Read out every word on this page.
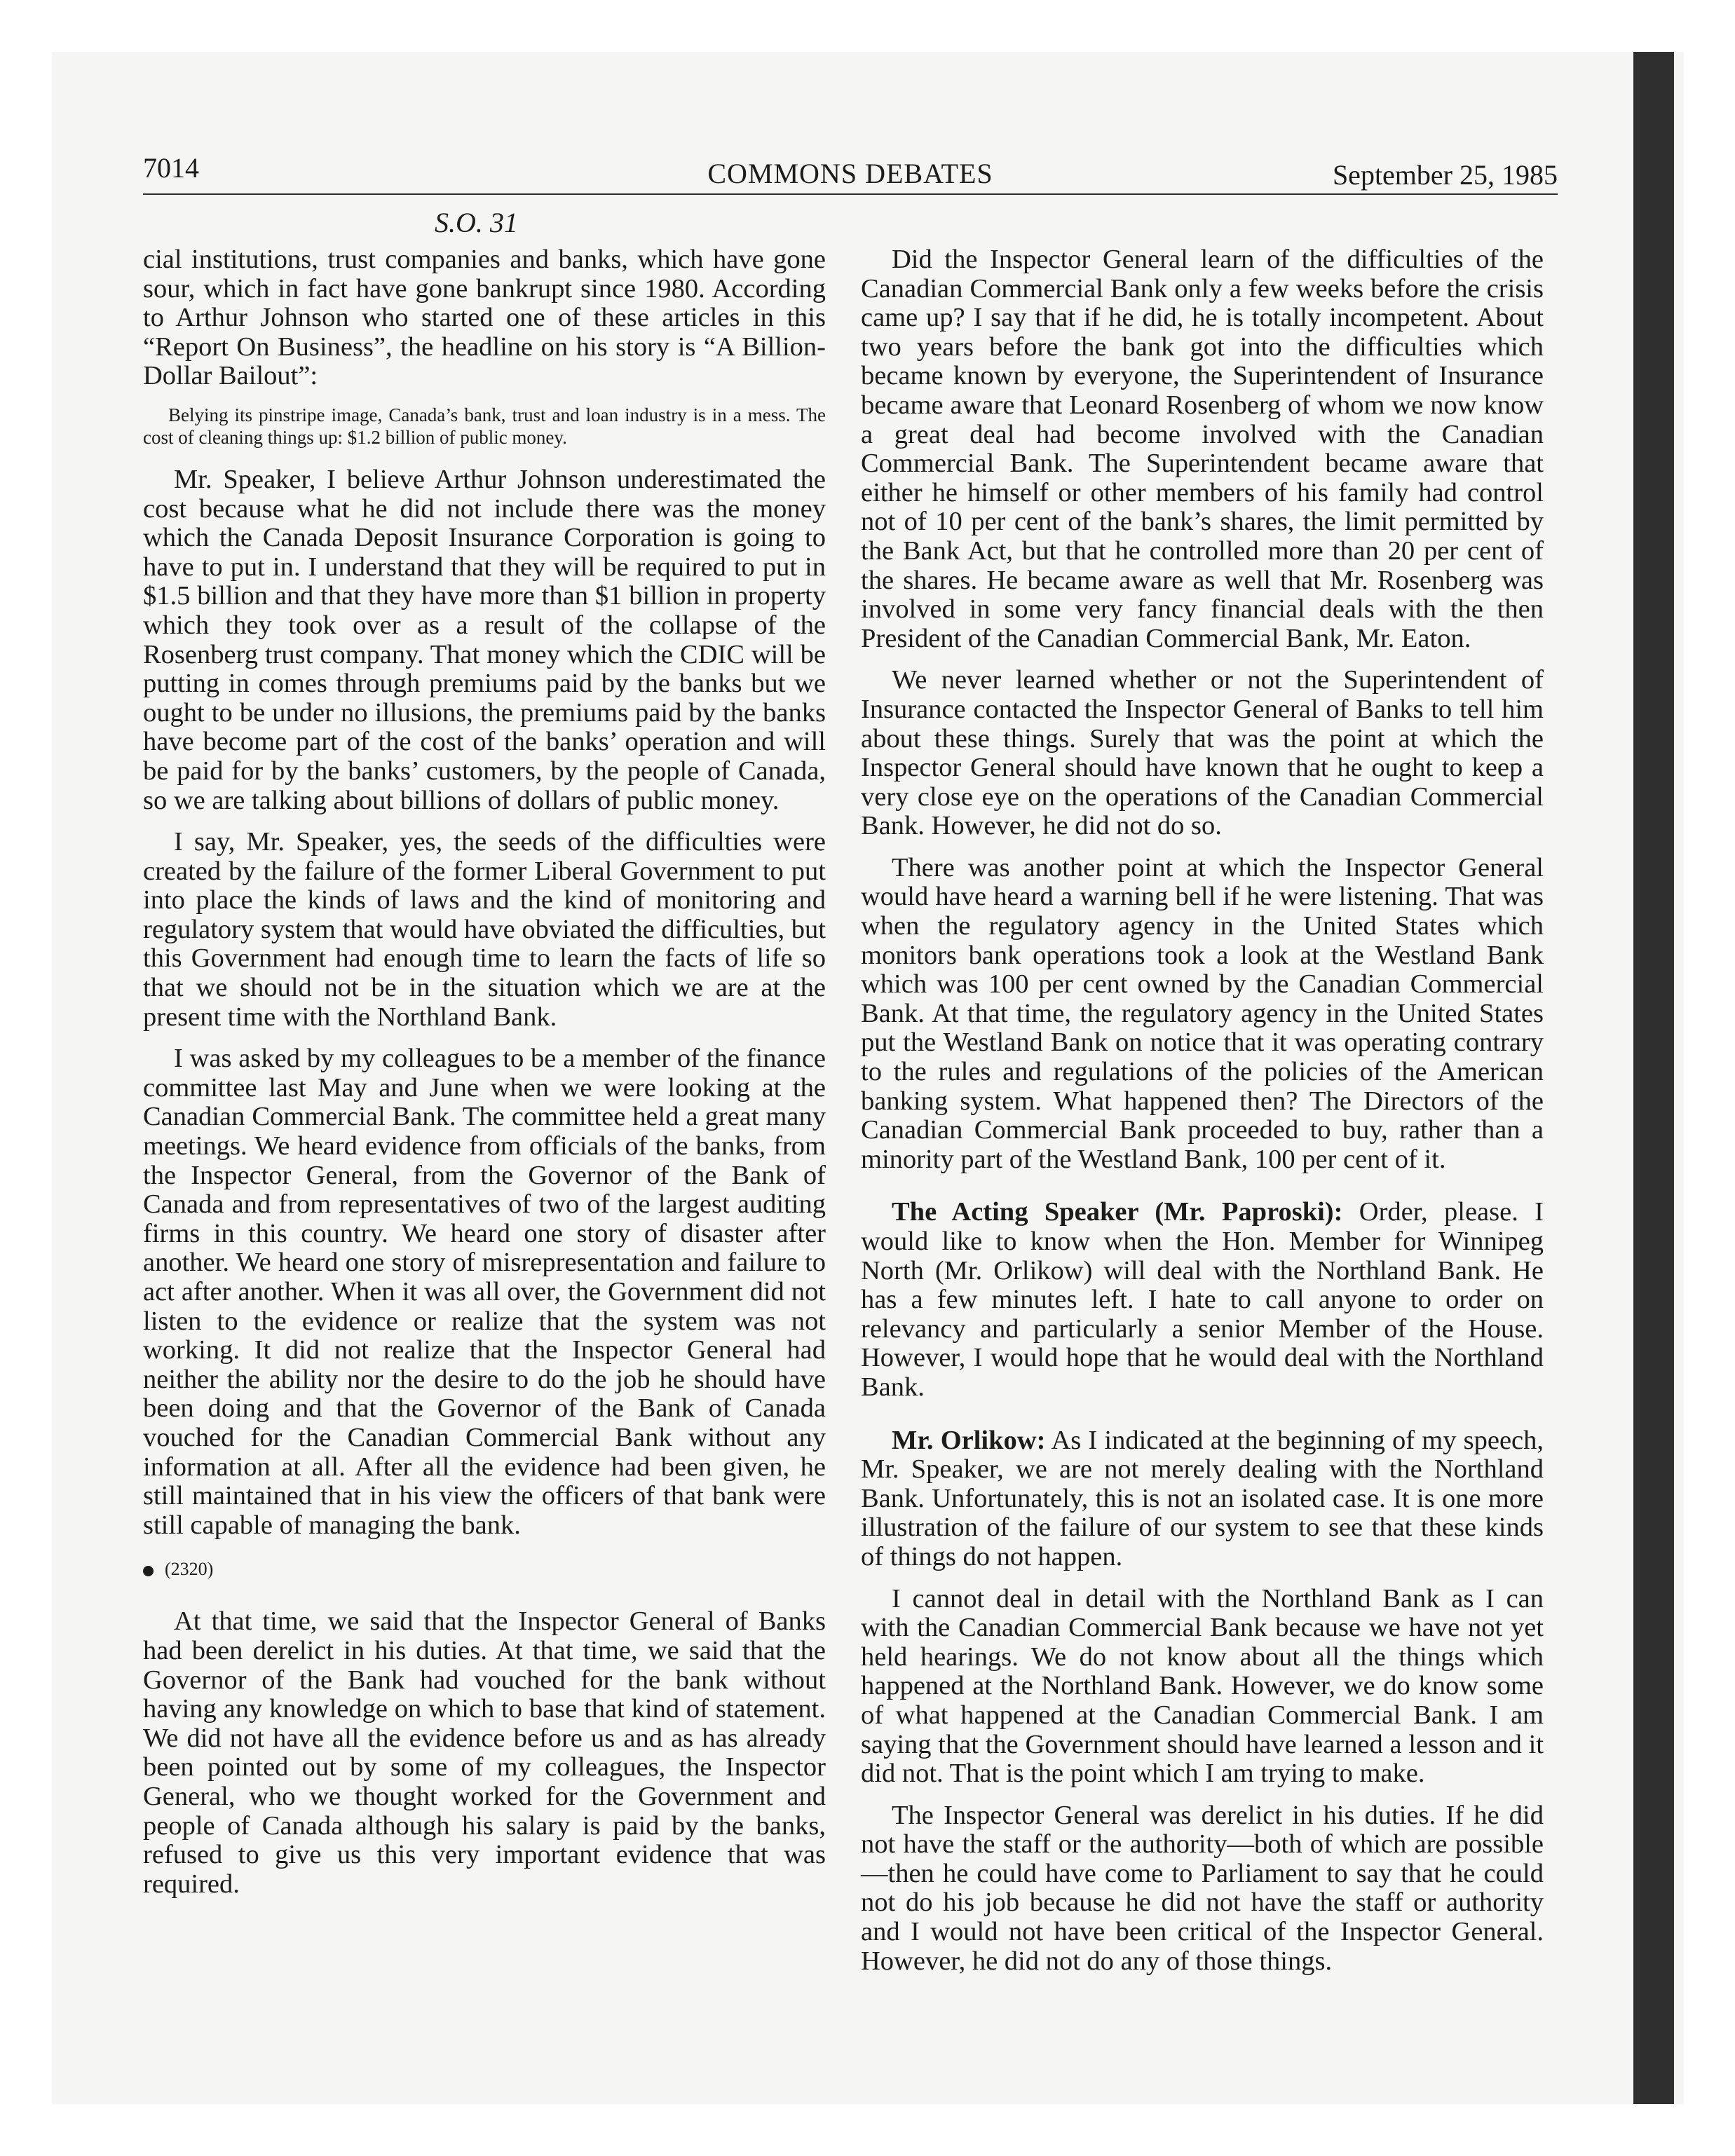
7014	COMMONS DEBATES	September 25, 1985
S.O. 31

cial institutions, trust companies and banks, which have gone sour, which in fact have gone bankrupt since 1980. According to Arthur Johnson who started one of these articles in this “Report On Business”, the headline on his story is “A Billion-Dollar Bailout”:

Belying its pinstripe image, Canada’s bank, trust and loan industry is in a mess. The cost of cleaning things up: $1.2 billion of public money.

Mr. Speaker, I believe Arthur Johnson underestimated the cost because what he did not include there was the money which the Canada Deposit Insurance Corporation is going to have to put in. I understand that they will be required to put in $1.5 billion and that they have more than $1 billion in property which they took over as a result of the collapse of the Rosenberg trust company. That money which the CDIC will be putting in comes through premiums paid by the banks but we ought to be under no illusions, the premiums paid by the banks have become part of the cost of the banks’ operation and will be paid for by the banks’ customers, by the people of Canada, so we are talking about billions of dollars of public money.

I say, Mr. Speaker, yes, the seeds of the difficulties were created by the failure of the former Liberal Government to put into place the kinds of laws and the kind of monitoring and regulatory system that would have obviated the difficulties, but this Government had enough time to learn the facts of life so that we should not be in the situation which we are at the present time with the Northland Bank.

I was asked by my colleagues to be a member of the finance committee last May and June when we were looking at the Canadian Commercial Bank. The committee held a great many meetings. We heard evidence from officials of the banks, from the Inspector General, from the Governor of the Bank of Canada and from representatives of two of the largest auditing firms in this country. We heard one story of disaster after another. We heard one story of misrepresentation and failure to act after another. When it was all over, the Government did not listen to the evidence or realize that the system was not working. It did not realize that the Inspector General had neither the ability nor the desire to do the job he should have been doing and that the Governor of the Bank of Canada vouched for the Canadian Commercial Bank without any information at all. After all the evidence had been given, he still maintained that in his view the officers of that bank were still capable of managing the bank.

(2320)

At that time, we said that the Inspector General of Banks had been derelict in his duties. At that time, we said that the Governor of the Bank had vouched for the bank without having any knowledge on which to base that kind of statement. We did not have all the evidence before us and as has already been pointed out by some of my colleagues, the Inspector General, who we thought worked for the Government and people of Canada although his salary is paid by the banks, refused to give us this very important evidence that was required.

Did the Inspector General learn of the difficulties of the Canadian Commercial Bank only a few weeks before the crisis came up? I say that if he did, he is totally incompetent. About two years before the bank got into the difficulties which became known by everyone, the Superintendent of Insurance became aware that Leonard Rosenberg of whom we now know a great deal had become involved with the Canadian Commercial Bank. The Superintendent became aware that either he himself or other members of his family had control not of 10 per cent of the bank’s shares, the limit permitted by the Bank Act, but that he controlled more than 20 per cent of the shares. He became aware as well that Mr. Rosenberg was involved in some very fancy financial deals with the then President of the Canadian Commercial Bank, Mr. Eaton.

We never learned whether or not the Superintendent of Insurance contacted the Inspector General of Banks to tell him about these things. Surely that was the point at which the Inspector General should have known that he ought to keep a very close eye on the operations of the Canadian Commercial Bank. However, he did not do so.

There was another point at which the Inspector General would have heard a warning bell if he were listening. That was when the regulatory agency in the United States which monitors bank operations took a look at the Westland Bank which was 100 per cent owned by the Canadian Commercial Bank. At that time, the regulatory agency in the United States put the Westland Bank on notice that it was operating contrary to the rules and regulations of the policies of the American banking system. What happened then? The Directors of the Canadian Commercial Bank proceeded to buy, rather than a minority part of the Westland Bank, 100 per cent of it.

The Acting Speaker (Mr. Paproski): Order, please. I would like to know when the Hon. Member for Winnipeg North (Mr. Orlikow) will deal with the Northland Bank. He has a few minutes left. I hate to call anyone to order on relevancy and particularly a senior Member of the House. However, I would hope that he would deal with the Northland Bank.

Mr. Orlikow: As I indicated at the beginning of my speech, Mr. Speaker, we are not merely dealing with the Northland Bank. Unfortunately, this is not an isolated case. It is one more illustration of the failure of our system to see that these kinds of things do not happen.

I cannot deal in detail with the Northland Bank as I can with the Canadian Commercial Bank because we have not yet held hearings. We do not know about all the things which happened at the Northland Bank. However, we do know some of what happened at the Canadian Commercial Bank. I am saying that the Government should have learned a lesson and it did not. That is the point which I am trying to make.

The Inspector General was derelict in his duties. If he did not have the staff or the authority—both of which are possible—then he could have come to Parliament to say that he could not do his job because he did not have the staff or authority and I would not have been critical of the Inspector General. However, he did not do any of those things.
